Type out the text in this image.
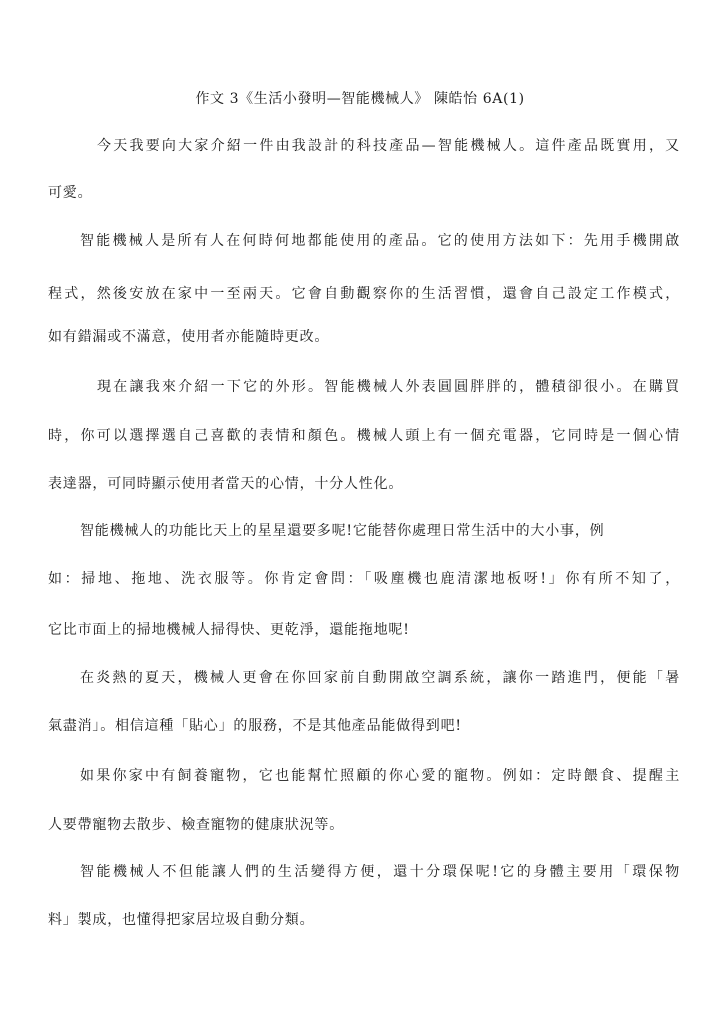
作文 3《生活小發明—智能機械人》 陳皓怡 6A(1)
今天我要向大家介紹一件由我設計的科技產品—智能機械人。這件產品既實用，又
可愛。
智能機械人是所有人在何時何地都能使用的產品。它的使用方法如下：先用手機開啟
程式，然後安放在家中一至兩天。它會自動觀察你的生活習慣，還會自己設定工作模式，
如有錯漏或不滿意，使用者亦能隨時更改。
現在讓我來介紹一下它的外形。智能機械人外表圓圓胖胖的，體積卻很小。在購買
時，你可以選擇選自己喜歡的表情和顏色。機械人頭上有一個充電器，它同時是一個心情
表達器，可同時顯示使用者當天的心情，十分人性化。
智能機械人的功能比天上的星星還要多呢!它能替你處理日常生活中的大小事，例
如：掃地、拖地、洗衣服等。你肯定會問：「吸塵機也鹿清潔地板呀!」你有所不知了，
它比市面上的掃地機械人掃得快、更乾淨，還能拖地呢!
在炎熱的夏天，機械人更會在你回家前自動開啟空調系統，讓你一踏進門，便能「暑
氣盡消」。相信這種「貼心」的服務，不是其他產品能做得到吧!
如果你家中有飼養寵物，它也能幫忙照顧的你心愛的寵物。例如：定時餵食、提醒主
人要帶寵物去散步、檢查寵物的健康狀況等。
智能機械人不但能讓人們的生活變得方便，還十分環保呢!它的身體主要用「環保物
料」製成，也懂得把家居垃圾自動分類。
